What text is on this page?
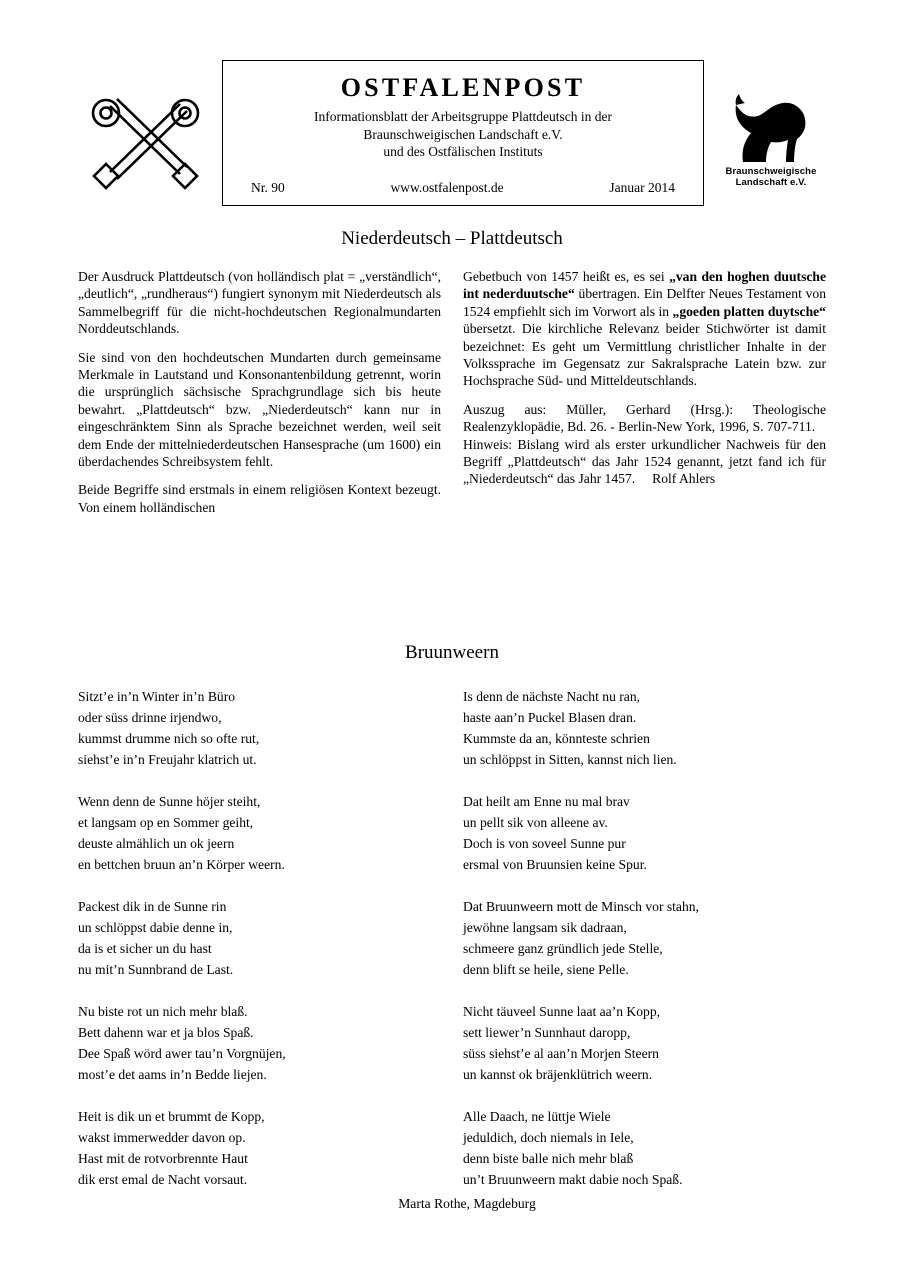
OSTFALENPOST
Informationsblatt der Arbeitsgruppe Plattdeutsch in der
Braunschweigischen Landschaft e.V.
und des Ostfälischen Instituts
Nr. 90	www.ostfalenpost.de	Januar 2014
Braunschweigische
Landschaft e.V.
Niederdeutsch – Plattdeutsch

Der Ausdruck Plattdeutsch (von holländisch plat = „verständlich“, „deutlich“, „rundheraus“) fungiert synonym mit Niederdeutsch als Sammelbegriff für die nicht-hochdeutschen Regionalmundarten Norddeutschlands.

Sie sind von den hochdeutschen Mundarten durch gemeinsame Merkmale in Lautstand und Konsonantenbildung getrennt, worin die ursprünglich sächsische Sprachgrundlage sich bis heute bewahrt. „Plattdeutsch“ bzw. „Niederdeutsch“ kann nur in eingeschränktem Sinn als Sprache bezeichnet werden, weil seit dem Ende der mittelniederdeutschen Hansesprache (um 1600) ein überdachendes Schreibsystem fehlt.

Beide Begriffe sind erstmals in einem religiösen Kontext bezeugt. Von einem holländischen

Gebetbuch von 1457 heißt es, es sei „van den hoghen duutsche int nederduutsche“ übertragen. Ein Delfter Neues Testament von 1524 empfiehlt sich im Vorwort als in „goeden platten duytsche“ übersetzt. Die kirchliche Relevanz beider Stichwörter ist damit bezeichnet: Es geht um Vermittlung christlicher Inhalte in der Volkssprache im Gegensatz zur Sakralsprache Latein bzw. zur Hochsprache Süd- und Mitteldeutschlands.

Auszug aus: Müller, Gerhard (Hrsg.): Theologische Realenzyklopädie, Bd. 26. - Berlin-New York, 1996, S. 707-711.

Hinweis: Bislang wird als erster urkundlicher Nachweis für den Begriff „Plattdeutsch“ das Jahr 1524 genannt, jetzt fand ich für „Niederdeutsch“ das Jahr 1457. Rolf Ahlers

Bruunweern
Sitzt’e in’n Winter in’n Büro
oder süss drinne irjendwo,
kummst drumme nich so ofte rut,
siehst’e in’n Freujahr klatrich ut.
Wenn denn de Sunne höjer steiht,
et langsam op en Sommer geiht,
deuste almählich un ok jeern
en bettchen bruun an’n Körper weern.
Packest dik in de Sunne rin
un schlöppst dabie denne in,
da is et sicher un du hast
nu mit’n Sunnbrand de Last.
Nu biste rot un nich mehr blaß.
Bett dahenn war et ja blos Spaß.
Dee Spaß wörd awer tau’n Vorgnüjen,
most’e det aams in’n Bedde liejen.
Heit is dik un et brummt de Kopp,
wakst immerwedder davon op.
Hast mit de rotvorbrennte Haut
dik erst emal de Nacht vorsaut.
Is denn de nächste Nacht nu ran,
haste aan’n Puckel Blasen dran.
Kummste da an, könnteste schrien
un schlöppst in Sitten, kannst nich lien.
Dat heilt am Enne nu mal brav
un pellt sik von alleene av.
Doch is von soveel Sunne pur
ersmal von Bruunsien keine Spur.
Dat Bruunweern mott de Minsch vor stahn,
jewöhne langsam sik dadraan,
schmeere ganz gründlich jede Stelle,
denn blift se heile, siene Pelle.
Nicht täuveel Sunne laat aa’n Kopp,
sett liewer’n Sunnhaut daropp,
süss siehst’e al aan’n Morjen Steern
un kannst ok bräjenklütrich weern.
Alle Daach, ne lüttje Wiele
jeduldich, doch niemals in Iele,
denn biste balle nich mehr blaß
un’t Bruunweern makt dabie noch Spaß.
Marta Rothe, Magdeburg
